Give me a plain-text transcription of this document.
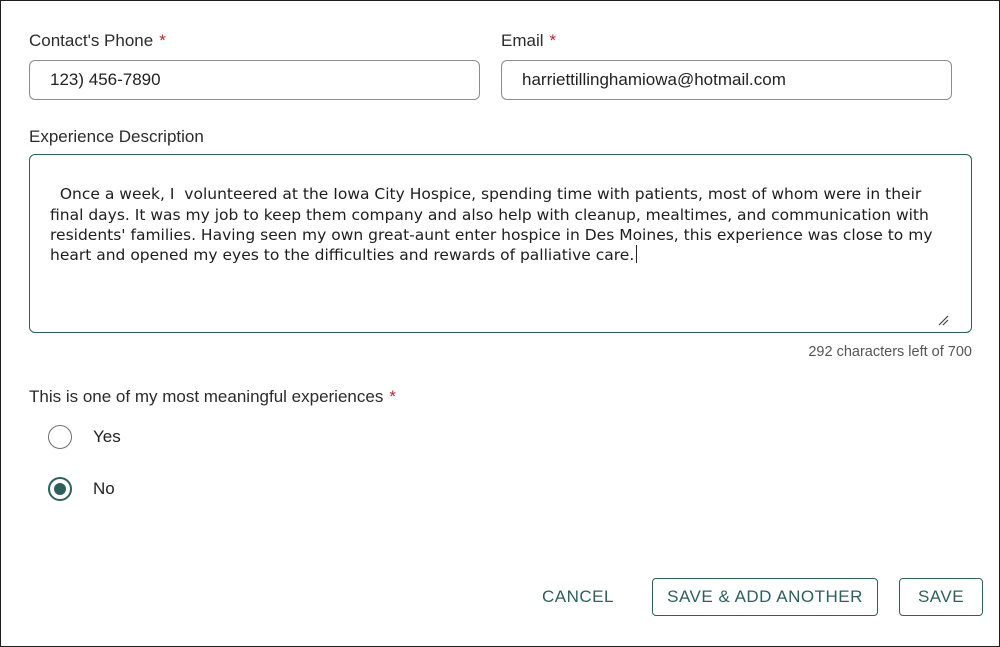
Contact's Phone *
123) 456-7890
Email *
harriettillinghamiowa@hotmail.com
Experience Description

Once a week, I  volunteered at the Iowa City Hospice, spending time with patients, most of whom were in their final days. It was my job to keep them company and also help with cleanup, mealtimes, and communication with residents' families. Having seen my own great-aunt enter hospice in Des Moines, this experience was close to my heart and opened my eyes to the difficulties and rewards of palliative care.

292 characters left of 700
This is one of my most meaningful experiences *
Yes
No
CANCEL	SAVE & ADD ANOTHER	SAVE
